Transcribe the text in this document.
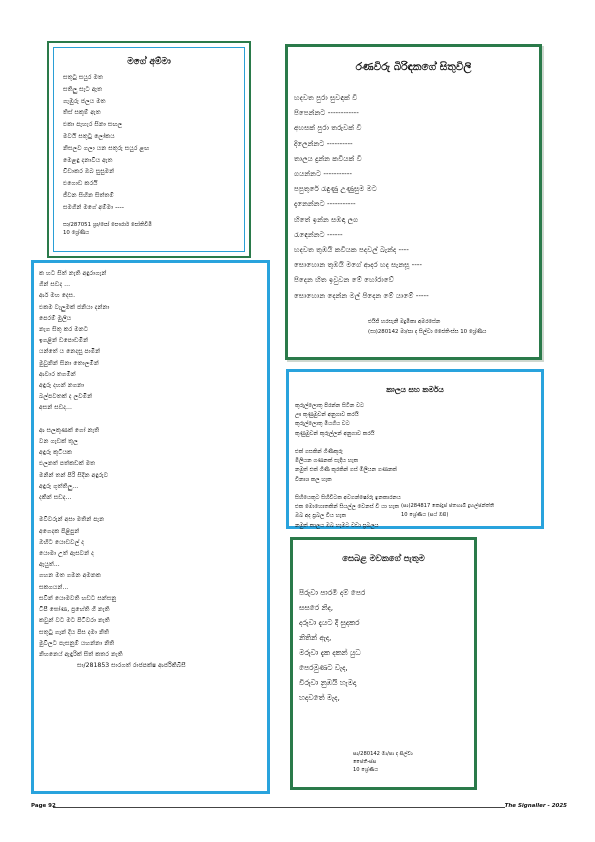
මගේ අම්මා
සතුටු සයුර මත
සතිලු සැට ඇත
ගැඹුරු ජලය මත
තිස් සකුම් ඇත
එකා පැහැර සිනා සඟල
මවයි සතුටු ලෝකය
නිසලව ගලා යන සතුරු සයුර ළඟ
මෙළඳු දනාවිය ඇත
චිඩාකර ඔබ සුසුමන්
එගොඩ කරයි
ජීවන සිහින සිත්තම්
සමගින් මගේ අම්මා ----
සා/287051 ශ්‍රා/පෝ පෞරාර් පෝතිවිමි
10 ශ්‍රේණිය
රණවිරු බිරිඳකගේ සිතුවිලි
හදවත පුරා සුවඳක් වී
පිපෙන්නට ------------
අහසක් පුරා තරුවක් වී
දිලෙන්නට ----------
තාලය දුන්න කවියක් වී
ගයන්නට -----------
පපුතුරේ රැඳුණු උණුසුම මට
දැනෙන්නට -----------
හිතේ ඉන්න සඹඳා ලග
රැඳෙන්නට ------
හදවත තුඹයි කවියක පදවල් බැන්ද ----
සොහොන තුඹයි මගේ ආදර හද සැනසූ ----
පිදෙන හිත ඉවුවන මේ හෝරාවේ
සොහොන දෙන්න මල් පිදෙන මේ යාමේ -----
එයිජි හරසැනී මදුමිකා අමරසේන
(සා)280142 මා/පා ද සිල්වා ජෛතිංස්ස 10 ශ්‍රේණිය
ක හට සිත් නැති අඳුරාගැන්
ගින් සඩද ...
ආර් මහ දෙස.
එකම වැලුමක් ජනියා දන්නා
පෙරම් මුලිය
නැග සිතු කර මනට
ඉගළින් ඩපොඩමින්
යන්තේ ය නෙදසු පාමින්
මුවුනින් සිනා තොලමින්
ආචාර තගමින්
අඳුරු දහන් නගනා
බල්පවතක් ද ලවමින්
අසන් සඩද...

ආ සලකුණක් ගෝ නැති
වන ගැඩක් තුල
අඳුරු කුටියක
එලනත් පත්කඩක් මත
මනින් තන් පිරි සිදින අඳුරුව
අඳුරු ගුත්තිලු...
දකින් සඩද...

මවිවරුන් අසා මතින් පැන
අගෙදක පිළිපුන්
ඔහිට යොඩවල් ද
යොමා උත් ඇසවන් ද
ඇයුත්...
ගහන මත ගමන අමනක
සකගයන්...
සවින් යොමවති හඩට සන්සනු
ටීපී ඝෝණ, ප්‍රහේති ගී නැති
කවුන් වට මට පිටිවරා නැති
සතුටු ගෑන් දිය පිස දමා නිති
මුවිලට පැසනුම් යහන්නා නිති
නිහනෙය් ඇඳුරික් සිත් කතර නැති
සා/281853 සාරගත් රාජපක්ෂ ආර්ජිකිබිසී
කාලය සහ කර්මය
කුරුල්ලොතු පිරන්න සිටින වට
ඌ කුණුමුවන් අනුගාව කරයි
කුරුල්ලොතු මියගිය වට
කුණුමුවන් කුරුල්ලන් අනුගාව කරයි

එක් ගසකින් ගිණිකුරු
මිලියන ගණනක් සැදිය හැක
නමුත් එක් ගිණි කූරකින් ගස් මිලියන ගණනක්
විනාශ කල හැක

සිහියෙකුට සිහිවිටක අවගන්ෂෝරු ඉනකාරනය
එක මොහොතකින් සියල්ල වෙනස් වී යා හැක
ඔබ අද ප්‍රබල විය හැක
නමුත් කාලය ඔබ හැමට වඩා ප්‍රබලය
(සා)284817 කෝදුප් ජතහාබි දුහල්ජන්ත්ති
10 ශ්‍රේණිය (සය් ඔසි)
සෙබළ මවකගේ පැතුම
පිරුවා පාරමී දම් පෙර
සසරෙ නිද,
දරුවා දැයට දී සුදකර
නිතින් ඇද,
මරුවා දැක දකන් යුධ
පෙරමුණට වැද,
විරුවා නුඹයි හැමදා
හදවතේ මැද,
සා/280142 මා/පා ද සිල්වා
ජෛතිංස්ස
10 ශ්‍රේණිය
Page 92	The Signaller - 2025
